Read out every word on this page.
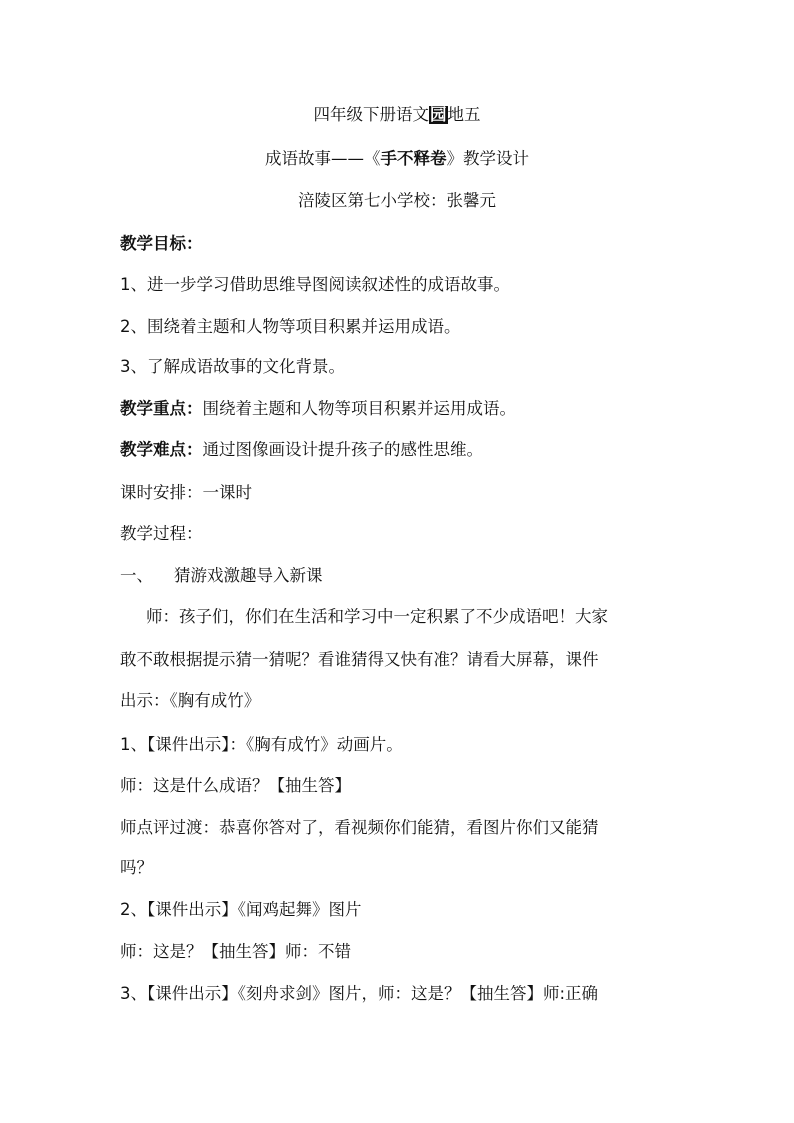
四年级下册语文园地五
成语故事——《手不释卷》教学设计
涪陵区第七小学校：张馨元
教学目标：
1、进一步学习借助思维导图阅读叙述性的成语故事。
2、围绕着主题和人物等项目积累并运用成语。
3、了解成语故事的文化背景。
教学重点：围绕着主题和人物等项目积累并运用成语。
教学难点：通过图像画设计提升孩子的感性思维。
课时安排：一课时
教学过程：
一、    猜游戏激趣导入新课
师：孩子们，你们在生活和学习中一定积累了不少成语吧！大家
敢不敢根据提示猜一猜呢？看谁猜得又快有准？请看大屏幕，课件
出示：《胸有成竹》
1、【课件出示】：《胸有成竹》动画片。
师：这是什么成语？【抽生答】
师点评过渡：恭喜你答对了，看视频你们能猜，看图片你们又能猜
吗？
2、【课件出示】《闻鸡起舞》图片
师：这是？【抽生答】师：不错
3、【课件出示】《刻舟求剑》图片，师：这是？【抽生答】师:正确
